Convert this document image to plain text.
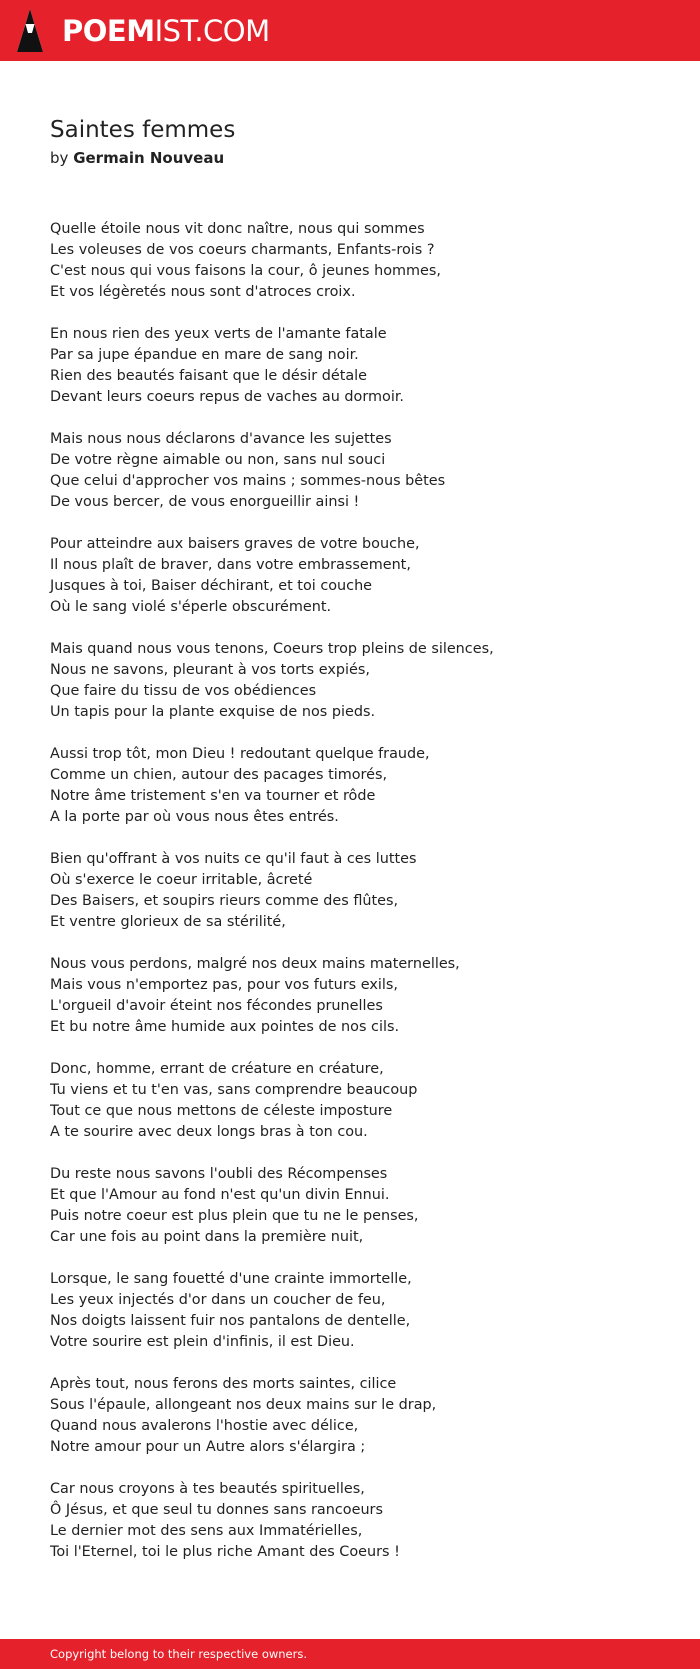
POEMIST.COM
Saintes femmes
by Germain Nouveau
Quelle étoile nous vit donc naître, nous qui sommes
Les voleuses de vos coeurs charmants, Enfants-rois ?
C'est nous qui vous faisons la cour, ô jeunes hommes,
Et vos légèretés nous sont d'atroces croix.
En nous rien des yeux verts de l'amante fatale
Par sa jupe épandue en mare de sang noir.
Rien des beautés faisant que le désir détale
Devant leurs coeurs repus de vaches au dormoir.
Mais nous nous déclarons d'avance les sujettes
De votre règne aimable ou non, sans nul souci
Que celui d'approcher vos mains ; sommes-nous bêtes
De vous bercer, de vous enorgueillir ainsi !
Pour atteindre aux baisers graves de votre bouche,
Il nous plaît de braver, dans votre embrassement,
Jusques à toi, Baiser déchirant, et toi couche
Où le sang violé s'éperle obscurément.
Mais quand nous vous tenons, Coeurs trop pleins de silences,
Nous ne savons, pleurant à vos torts expiés,
Que faire du tissu de vos obédiences
Un tapis pour la plante exquise de nos pieds.
Aussi trop tôt, mon Dieu ! redoutant quelque fraude,
Comme un chien, autour des pacages timorés,
Notre âme tristement s'en va tourner et rôde
A la porte par où vous nous êtes entrés.
Bien qu'offrant à vos nuits ce qu'il faut à ces luttes
Où s'exerce le coeur irritable, âcreté
Des Baisers, et soupirs rieurs comme des flûtes,
Et ventre glorieux de sa stérilité,
Nous vous perdons, malgré nos deux mains maternelles,
Mais vous n'emportez pas, pour vos futurs exils,
L'orgueil d'avoir éteint nos fécondes prunelles
Et bu notre âme humide aux pointes de nos cils.
Donc, homme, errant de créature en créature,
Tu viens et tu t'en vas, sans comprendre beaucoup
Tout ce que nous mettons de céleste imposture
A te sourire avec deux longs bras à ton cou.
Du reste nous savons l'oubli des Récompenses
Et que l'Amour au fond n'est qu'un divin Ennui.
Puis notre coeur est plus plein que tu ne le penses,
Car une fois au point dans la première nuit,
Lorsque, le sang fouetté d'une crainte immortelle,
Les yeux injectés d'or dans un coucher de feu,
Nos doigts laissent fuir nos pantalons de dentelle,
Votre sourire est plein d'infinis, il est Dieu.
Après tout, nous ferons des morts saintes, cilice
Sous l'épaule, allongeant nos deux mains sur le drap,
Quand nous avalerons l'hostie avec délice,
Notre amour pour un Autre alors s'élargira ;
Car nous croyons à tes beautés spirituelles,
Ô Jésus, et que seul tu donnes sans rancoeurs
Le dernier mot des sens aux Immatérielles,
Toi l'Eternel, toi le plus riche Amant des Coeurs !
Copyright belong to their respective owners.
